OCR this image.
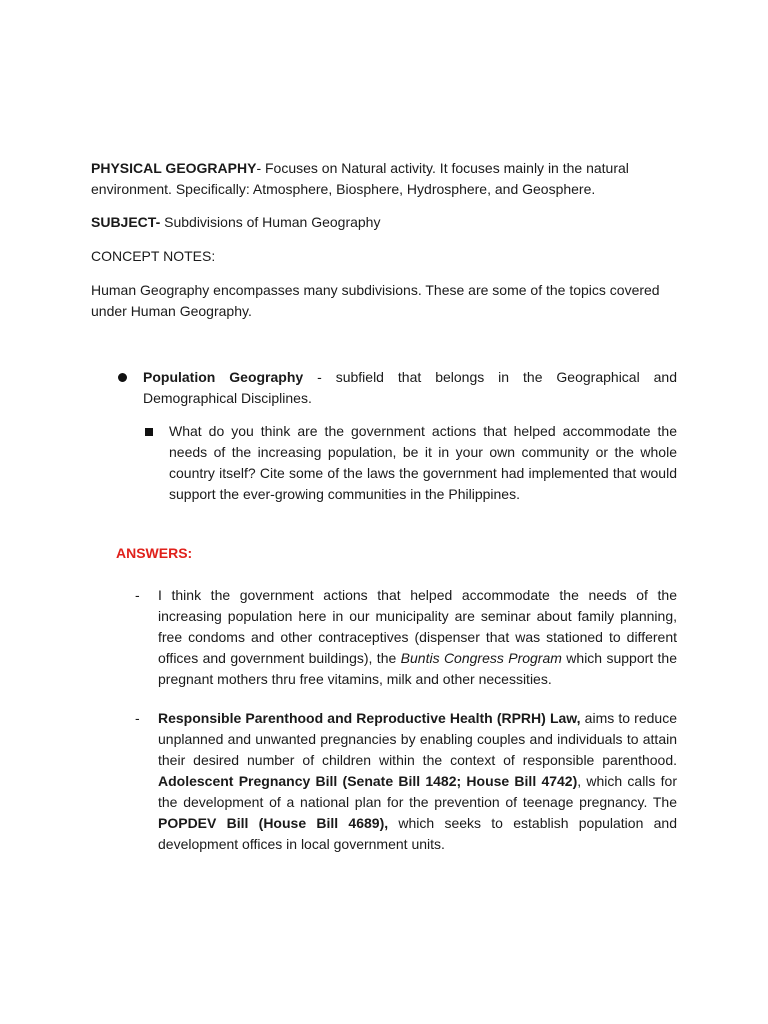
PHYSICAL GEOGRAPHY- Focuses on Natural activity. It focuses mainly in the natural environment. Specifically: Atmosphere, Biosphere, Hydrosphere, and Geosphere.

SUBJECT- Subdivisions of Human Geography

CONCEPT NOTES:

Human Geography encompasses many subdivisions. These are some of the topics covered under Human Geography.

Population Geography - subfield that belongs in the Geographical and Demographical Disciplines.

What do you think are the government actions that helped accommodate the needs of the increasing population, be it in your own community or the whole country itself? Cite some of the laws the government had implemented that would support the ever-growing communities in the Philippines.

ANSWERS:
- I think the government actions that helped accommodate the needs of the increasing population here in our municipality are seminar about family planning, free condoms and other contraceptives (dispenser that was stationed to different offices and government buildings), the Buntis Congress Program which support the pregnant mothers thru free vitamins, milk and other necessities.

- Responsible Parenthood and Reproductive Health (RPRH) Law, aims to reduce unplanned and unwanted pregnancies by enabling couples and individuals to attain their desired number of children within the context of responsible parenthood. Adolescent Pregnancy Bill (Senate Bill 1482; House Bill 4742), which calls for the development of a national plan for the prevention of teenage pregnancy. The POPDEV Bill (House Bill 4689), which seeks to establish population and development offices in local government units.
